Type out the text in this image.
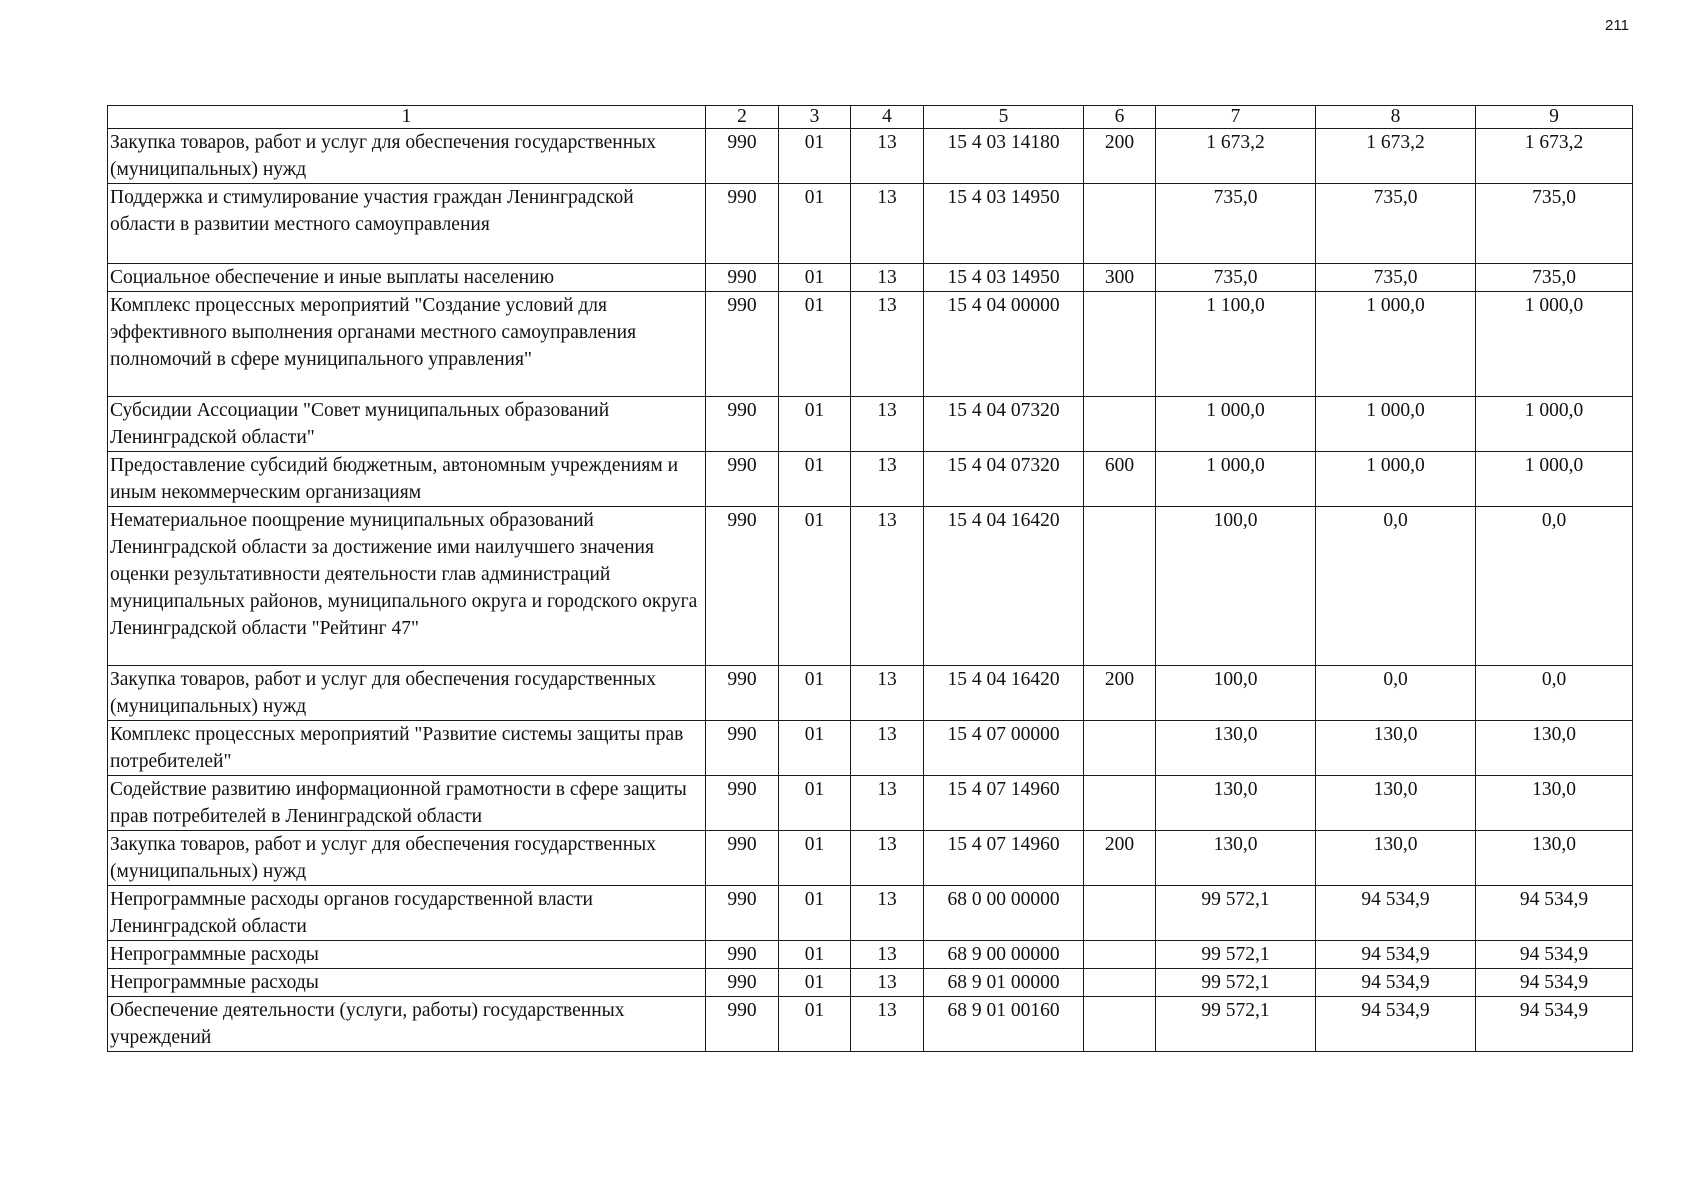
211
1	2	3	4	5	6	7	8	9
Закупка товаров, работ и услуг для обеспечения государственных (муниципальных) нужд	990	01	13	15 4 03 14180	200	1 673,2	1 673,2	1 673,2
Поддержка и стимулирование участия граждан Ленинградской области в развитии местного самоуправления	990	01	13	15 4 03 14950		735,0	735,0	735,0
Социальное обеспечение и иные выплаты населению	990	01	13	15 4 03 14950	300	735,0	735,0	735,0
Комплекс процессных мероприятий "Создание условий для эффективного выполнения органами местного самоуправления полномочий в сфере муниципального управления"	990	01	13	15 4 04 00000		1 100,0	1 000,0	1 000,0
Субсидии Ассоциации "Совет муниципальных образований Ленинградской области"	990	01	13	15 4 04 07320		1 000,0	1 000,0	1 000,0
Предоставление субсидий бюджетным, автономным учреждениям и иным некоммерческим организациям	990	01	13	15 4 04 07320	600	1 000,0	1 000,0	1 000,0
Нематериальное поощрение муниципальных образований Ленинградской области за достижение ими наилучшего значения оценки результативности деятельности глав администраций муниципальных районов, муниципального округа и городского округа Ленинградской области "Рейтинг 47"	990	01	13	15 4 04 16420		100,0	0,0	0,0
Закупка товаров, работ и услуг для обеспечения государственных (муниципальных) нужд	990	01	13	15 4 04 16420	200	100,0	0,0	0,0
Комплекс процессных мероприятий "Развитие системы защиты прав потребителей"	990	01	13	15 4 07 00000		130,0	130,0	130,0
Содействие развитию информационной грамотности в сфере защиты прав потребителей в Ленинградской области	990	01	13	15 4 07 14960		130,0	130,0	130,0
Закупка товаров, работ и услуг для обеспечения государственных (муниципальных) нужд	990	01	13	15 4 07 14960	200	130,0	130,0	130,0
Непрограммные расходы органов государственной власти Ленинградской области	990	01	13	68 0 00 00000		99 572,1	94 534,9	94 534,9
Непрограммные расходы	990	01	13	68 9 00 00000		99 572,1	94 534,9	94 534,9
Непрограммные расходы	990	01	13	68 9 01 00000		99 572,1	94 534,9	94 534,9
Обеспечение деятельности (услуги, работы) государственных учреждений	990	01	13	68 9 01 00160		99 572,1	94 534,9	94 534,9
